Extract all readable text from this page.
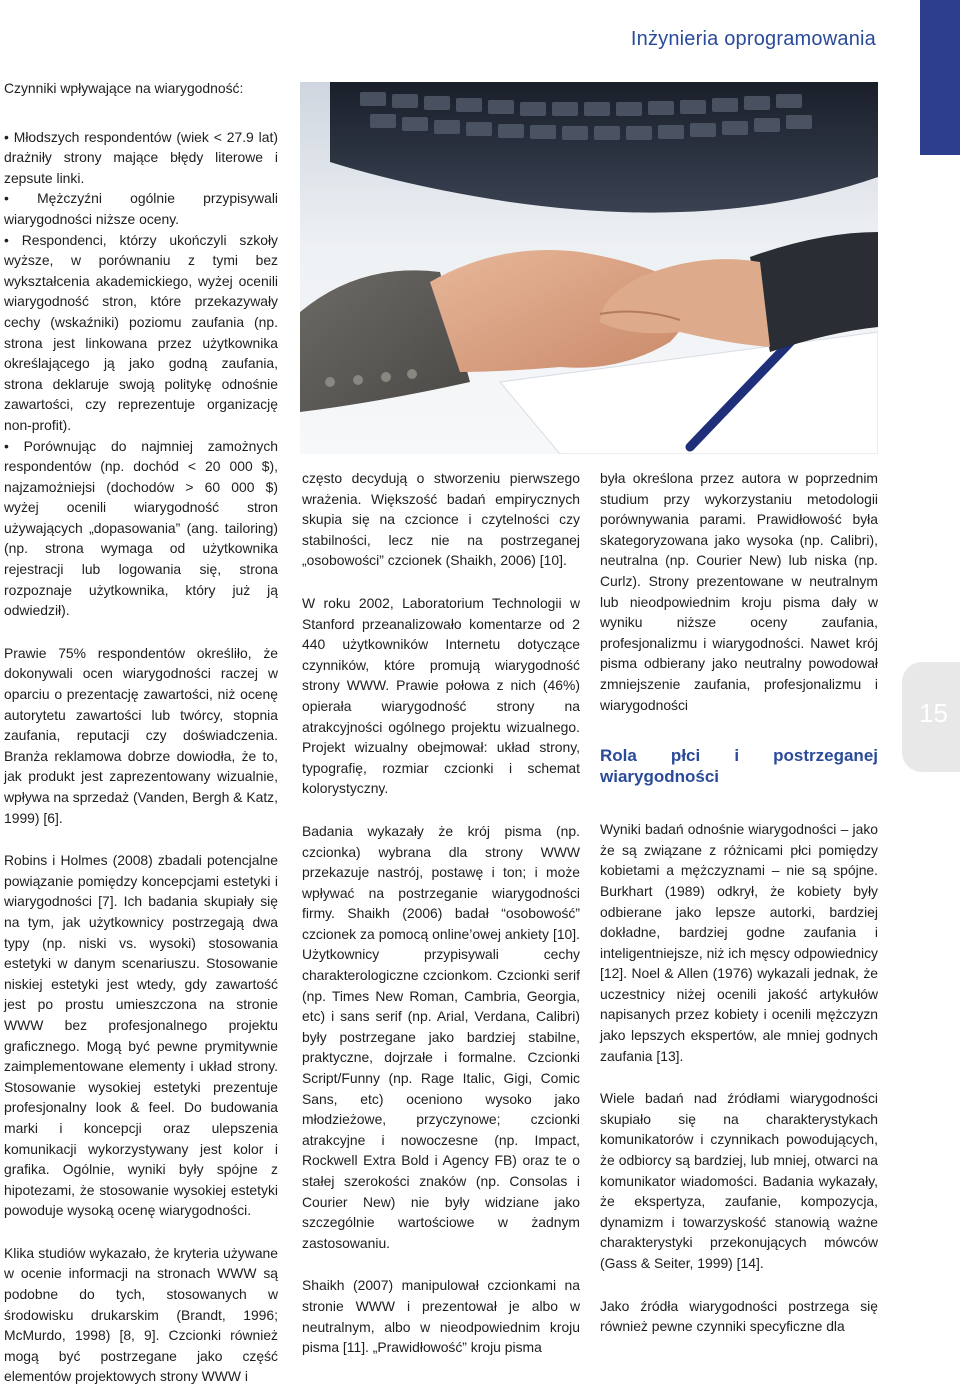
Inżynieria oprogramowania

Czynniki wpływające na wiarygodność:

• Młodszych respondentów (wiek < 27.9 lat) drażniły strony mające błędy literowe i zepsute linki.
• Mężczyźni ogólnie przypisywali wiarygodności niższe oceny.
• Respondenci, którzy ukończyli szkoły wyższe, w porównaniu z tymi bez wykształcenia akademickiego, wyżej ocenili wiarygodność stron, które przekazywały cechy (wskaźniki) poziomu zaufania (np. strona jest linkowana przez użytkownika określającego ją jako godną zaufania, strona deklaruje swoją politykę odnośnie zawartości, czy reprezentuje organizację non-profit).
• Porównując do najmniej zamożnych respondentów (np. dochód < 20 000 $), najzamożniejsi (dochodów > 60 000 $) wyżej ocenili wiarygodność stron używających „dopasowania” (ang. tailoring) (np. strona wymaga od użytkownika rejestracji lub logowania się, strona rozpoznaje użytkownika, który już ją odwiedził).

Prawie 75% respondentów określiło, że dokonywali ocen wiarygodności raczej w oparciu o prezentację zawartości, niż ocenę autorytetu zawartości lub twórcy, stopnia zaufania, reputacji czy doświadczenia. Branża reklamowa dobrze dowiodła, że to, jak produkt jest zaprezentowany wizualnie, wpływa na sprzedaż (Vanden, Bergh & Katz, 1999) [6].

Robins i Holmes (2008) zbadali potencjalne powiązanie pomiędzy koncepcjami estetyki i wiarygodności [7]. Ich badania skupiały się na tym, jak użytkownicy postrzegają dwa typy (np. niski vs. wysoki) stosowania estetyki w danym scenariuszu. Stosowanie niskiej estetyki jest wtedy, gdy zawartość jest po prostu umieszczona na stronie WWW bez profesjonalnego projektu graficznego. Mogą być pewne prymitywnie zaimplementowane elementy i układ strony. Stosowanie wysokiej estetyki prezentuje profesjonalny look & feel. Do budowania marki i koncepcji oraz ulepszenia komunikacji wykorzystywany jest kolor i grafika. Ogólnie, wyniki były spójne z hipotezami, że stosowanie wysokiej estetyki powoduje wysoką ocenę wiarygodności.

Klika studiów wykazało, że kryteria używane w ocenie informacji na stronach WWW są podobne do tych, stosowanych w środowisku drukarskim (Brandt, 1996; McMurdo, 1998) [8, 9]. Czcionki również mogą być postrzegane jako część elementów projektowych strony WWW i

często decydują o stworzeniu pierwszego wrażenia. Większość badań empirycznych skupia się na czcionce i czytelności czy stabilności, lecz nie na postrzeganej „osobowości” czcionek (Shaikh, 2006) [10].

W roku 2002, Laboratorium Technologii w Stanford przeanalizowało komentarze od 2 440 użytkowników Internetu dotyczące czynników, które promują wiarygodność strony WWW. Prawie połowa z nich (46%) opierała wiarygodność strony na atrakcyjności ogólnego projektu wizualnego. Projekt wizualny obejmował: układ strony, typografię, rozmiar czcionki i schemat kolorystyczny.

Badania wykazały że krój pisma (np. czcionka) wybrana dla strony WWW przekazuje nastrój, postawę i ton; i może wpływać na postrzeganie wiarygodności firmy. Shaikh (2006) badał “osobowość” czcionek za pomocą online’owej ankiety [10]. Użytkownicy przypisywali cechy charakterologiczne czcionkom. Czcionki serif (np. Times New Roman, Cambria, Georgia, etc) i sans serif (np. Arial, Verdana, Calibri) były postrzegane jako bardziej stabilne, praktyczne, dojrzałe i formalne. Czcionki Script/Funny (np. Rage Italic, Gigi, Comic Sans, etc) oceniono wysoko jako młodzieżowe, przyczynowe; czcionki atrakcyjne i nowoczesne (np. Impact, Rockwell Extra Bold i Agency FB) oraz te o stałej szerokości znaków (np. Consolas i Courier New) nie były widziane jako szczególnie wartościowe w żadnym zastosowaniu.

Shaikh (2007) manipulował czcionkami na stronie WWW i prezentował je albo w neutralnym, albo w nieodpowiednim kroju pisma [11]. „Prawidłowość” kroju pisma

była określona przez autora w poprzednim studium przy wykorzystaniu metodologii porównywania parami. Prawidłowość była skategoryzowana jako wysoka (np. Calibri), neutralna (np. Courier New) lub niska (np. Curlz). Strony prezentowane w neutralnym lub nieodpowiednim kroju pisma dały w wyniku niższe oceny zaufania, profesjonalizmu i wiarygodności. Nawet krój pisma odbierany jako neutralny powodował zmniejszenie zaufania, profesjonalizmu i wiarygodności

Rola płci i postrzeganej wiarygodności

Wyniki badań odnośnie wiarygodności – jako że są związane z różnicami płci pomiędzy kobietami a mężczyznami – nie są spójne. Burkhart (1989) odkrył, że kobiety były odbierane jako lepsze autorki, bardziej dokładne, bardziej godne zaufania i inteligentniejsze, niż ich męscy odpowiednicy [12]. Noel & Allen (1976) wykazali jednak, że uczestnicy niżej ocenili jakość artykułów napisanych przez kobiety i ocenili mężczyzn jako lepszych ekspertów, ale mniej godnych zaufania [13].

Wiele badań nad źródłami wiarygodności skupiało się na charakterystykach komunikatorów i czynnikach powodujących, że odbiorcy są bardziej, lub mniej, otwarci na komunikator wiadomości. Badania wykazały, że ekspertyza, zaufanie, kompozycja, dynamizm i towarzyskość stanowią ważne charakterystyki przekonujących mówców (Gass & Seiter, 1999) [14].

Jako źródła wiarygodności postrzega się również pewne czynniki specyficzne dla

15
